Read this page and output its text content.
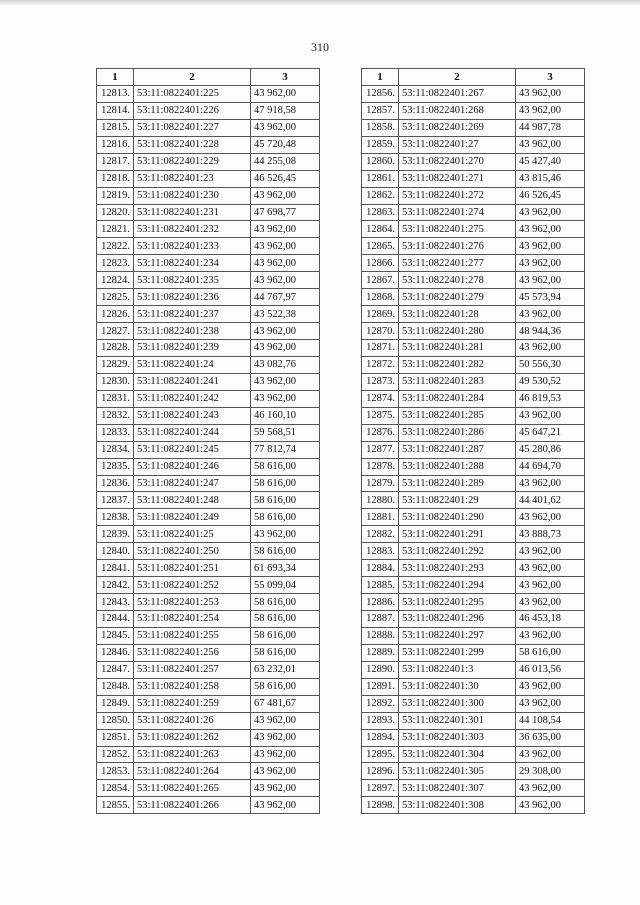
310
1	2	3
12813.	53:11:0822401:225	43 962,00
12814.	53:11:0822401:226	47 918,58
12815.	53:11:0822401:227	43 962,00
12816.	53:11:0822401:228	45 720,48
12817.	53:11:0822401:229	44 255,08
12818.	53:11:0822401:23	46 526,45
12819.	53:11:0822401:230	43 962,00
12820.	53:11:0822401:231	47 698,77
12821.	53:11:0822401:232	43 962,00
12822.	53:11:0822401:233	43 962,00
12823.	53:11:0822401:234	43 962,00
12824.	53:11:0822401:235	43 962,00
12825.	53:11:0822401:236	44 767,97
12826.	53:11:0822401:237	43 522,38
12827.	53:11:0822401:238	43 962,00
12828.	53:11:0822401:239	43 962,00
12829.	53:11:0822401:24	43 082,76
12830.	53:11:0822401:241	43 962,00
12831.	53:11:0822401:242	43 962,00
12832.	53:11:0822401:243	46 160,10
12833.	53:11:0822401:244	59 568,51
12834.	53:11:0822401:245	77 812,74
12835.	53:11:0822401:246	58 616,00
12836.	53:11:0822401:247	58 616,00
12837.	53:11:0822401:248	58 616,00
12838.	53:11:0822401:249	58 616,00
12839.	53:11:0822401:25	43 962,00
12840.	53:11:0822401:250	58 616,00
12841.	53:11:0822401:251	61 693,34
12842.	53:11:0822401:252	55 099,04
12843.	53:11:0822401:253	58 616,00
12844.	53:11:0822401:254	58 616,00
12845.	53:11:0822401:255	58 616,00
12846.	53:11:0822401:256	58 616,00
12847.	53:11:0822401:257	63 232,01
12848.	53:11:0822401:258	58 616,00
12849.	53:11:0822401:259	67 481,67
12850.	53:11:0822401:26	43 962,00
12851.	53:11:0822401:262	43 962,00
12852.	53:11:0822401:263	43 962,00
12853.	53:11:0822401:264	43 962,00
12854.	53:11:0822401:265	43 962,00
12855.	53:11:0822401:266	43 962,00
1	2	3
12856.	53:11:0822401:267	43 962,00
12857.	53:11:0822401:268	43 962,00
12858.	53:11:0822401:269	44 987,78
12859.	53:11:0822401:27	43 962,00
12860.	53:11:0822401:270	45 427,40
12861.	53:11:0822401:271	43 815,46
12862.	53:11:0822401:272	46 526,45
12863.	53:11:0822401:274	43 962,00
12864.	53:11:0822401:275	43 962,00
12865.	53:11:0822401:276	43 962,00
12866.	53:11:0822401:277	43 962,00
12867.	53:11:0822401:278	43 962,00
12868.	53:11:0822401:279	45 573,94
12869.	53:11:0822401:28	43 962,00
12870.	53:11:0822401:280	48 944,36
12871.	53:11:0822401:281	43 962,00
12872.	53:11:0822401:282	50 556,30
12873.	53:11:0822401:283	49 530,52
12874.	53:11:0822401:284	46 819,53
12875.	53:11:0822401:285	43 962,00
12876.	53:11:0822401:286	45 647,21
12877.	53:11:0822401:287	45 280,86
12878.	53:11:0822401:288	44 694,70
12879.	53:11:0822401:289	43 962,00
12880.	53:11:0822401:29	44 401,62
12881.	53:11:0822401:290	43 962,00
12882.	53:11:0822401:291	43 888,73
12883.	53:11:0822401:292	43 962,00
12884.	53:11:0822401:293	43 962,00
12885.	53:11:0822401:294	43 962,00
12886.	53:11:0822401:295	43 962,00
12887.	53:11:0822401:296	46 453,18
12888.	53:11:0822401:297	43 962,00
12889.	53:11:0822401:299	58 616,00
12890.	53:11:0822401:3	46 013,56
12891.	53:11:0822401:30	43 962,00
12892.	53:11:0822401:300	43 962,00
12893.	53:11:0822401:301	44 108,54
12894.	53:11:0822401:303	36 635,00
12895.	53:11:0822401:304	43 962,00
12896.	53:11:0822401:305	29 308,00
12897.	53:11:0822401:307	43 962,00
12898.	53:11:0822401:308	43 962,00
